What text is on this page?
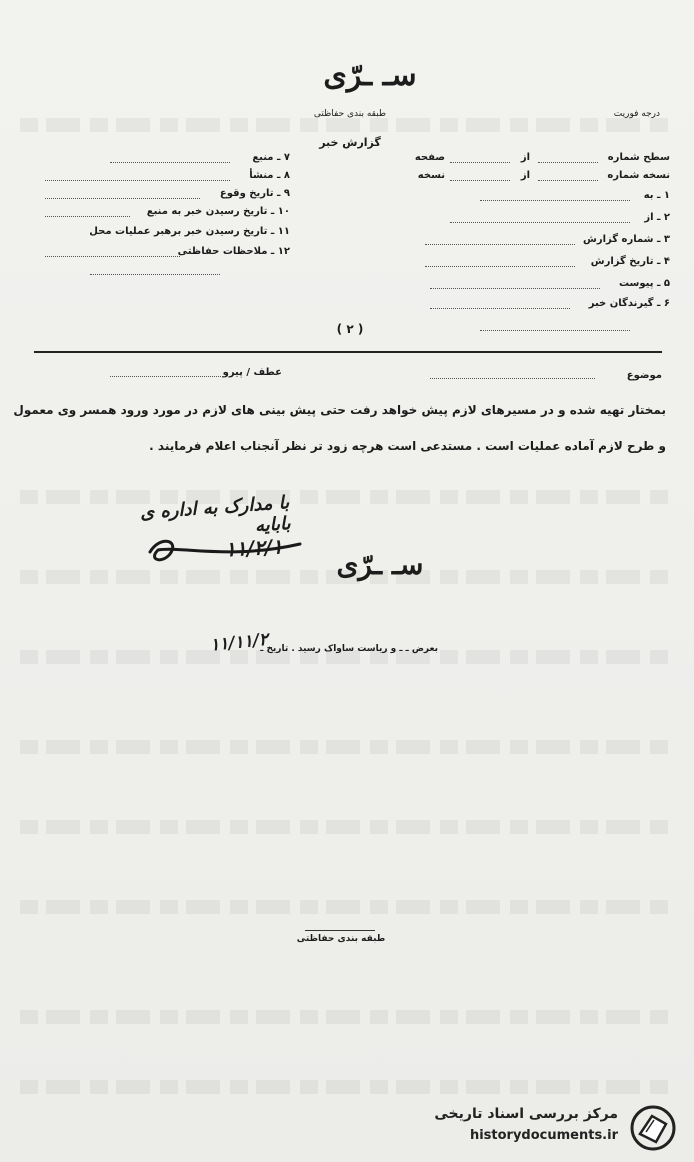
سـ ـرّی
طبقه بندی حفاظتی
گزارش خبر
درجه فوریت
سطح شماره
از
صفحه
نسخه شماره
از
نسخه
۱ ـ به
۲ ـ از
۳ ـ شماره گزارش
۴ ـ تاریخ گزارش
۵ ـ پیوست
۶ ـ گیرندگان خبر
۷ ـ منبع
۸ ـ منشأ
۹ ـ تاریخ وقوع
۱۰ ـ تاریخ رسیدن خبر به منبع
۱۱ ـ تاریخ رسیدن خبر برهبر عملیات محل
۱۲ ـ ملاحظات حفاظتی
( ۲ )
موضوع
عطف / پیرو
بمختار تهیه شده و در مسیرهای لازم پیش خواهد رفت حتی پیش بینی های لازم در مورد ورود همسر وی معمول
و طرح لازم آماده عملیات است . مستدعی است هرچه زود تر نظر آنجناب اعلام فرمایند .
با مدارک به اداره ی بابایه
۱۱/۲/۱
سـ ـرّی
بعرض ـ ـ و ریاست ساواک رسید . تاریخ ـ
۱۱/۱۱/۲
طبقه بندی حفاظتی
مرکز بررسی اسناد تاریخی
historydocuments.ir
